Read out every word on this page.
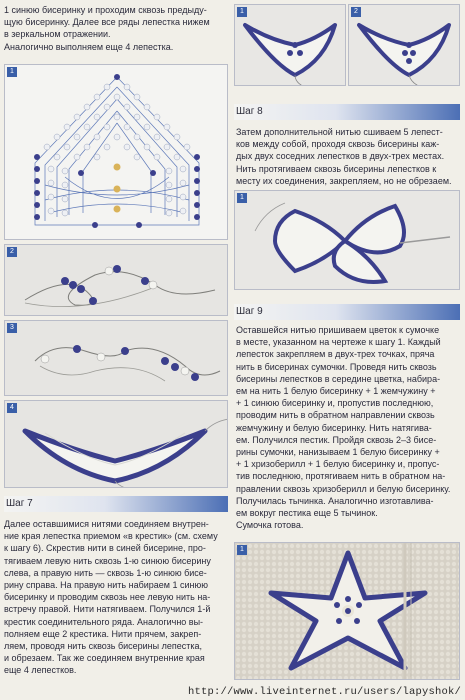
1 синюю бисеринку и проходим сквозь предыду-
щую бисеринку. Далее все ряды лепестка нижем
в зеркальном отражении.
Аналогично выполняем еще 4 лепестка.
1
2
3
4
Шаг 7
Далее оставшимися нитями соединяем внутрен-
ние края лепестка приемом «в крестик» (см. схему
к шагу 6). Скрестив нити в синей бисерине, про-
тягиваем левую нить сквозь 1-ю синюю бисерину
слева, а правую нить — сквозь 1-ю синюю бисе-
рину справа. На правую нить набираем 1 синюю
бисеринку и проводим сквозь нее левую нить на-
встречу правой. Нити натягиваем. Получился 1-й
крестик соединительного ряда. Аналогично вы-
полняем еще 2 крестика. Нити прячем, закреп-
ляем, проводя нить сквозь бисерины лепестка,
и обрезаем. Так же соединяем внутренние края
еще 4 лепестков.
1	2
Шаг 8
Затем дополнительной нитью сшиваем 5 лепест-
ков между собой, проходя сквозь бисерины каж-
дых двух соседних лепестков в двух-трех местах.
Нить протягиваем сквозь бисерины лепестков к
месту их соединения, закрепляем, но не обрезаем.
1
Шаг 9
Оставшейся нитью пришиваем цветок к сумочке
в месте, указанном на чертеже к шагу 1. Каждый
лепесток закрепляем в двух-трех точках, пряча
нить в бисеринах сумочки. Проведя нить сквозь
бисерины лепестков в середине цветка, набира-
ем на нить 1 белую бисеринку + 1 жемчужину +
+ 1 синюю бисеринку и, пропустив последнюю,
проводим нить в обратном направлении сквозь
жемчужину и белую бисеринку. Нить натягива-
ем. Получился пестик. Пройдя сквозь 2–3 бисе-
рины сумочки, нанизываем 1 белую бисеринку +
+ 1 хризоберилл + 1 белую бисеринку и, пропус-
тив последнюю, протягиваем нить в обратном на-
правлении сквозь хризоберилл и белую бисеринку.
Получилась тычинка. Аналогично изготавлива-
ем вокруг пестика еще 5 тычинок.
Сумочка готова.
1
http://www.liveinternet.ru/users/lapyshok/
